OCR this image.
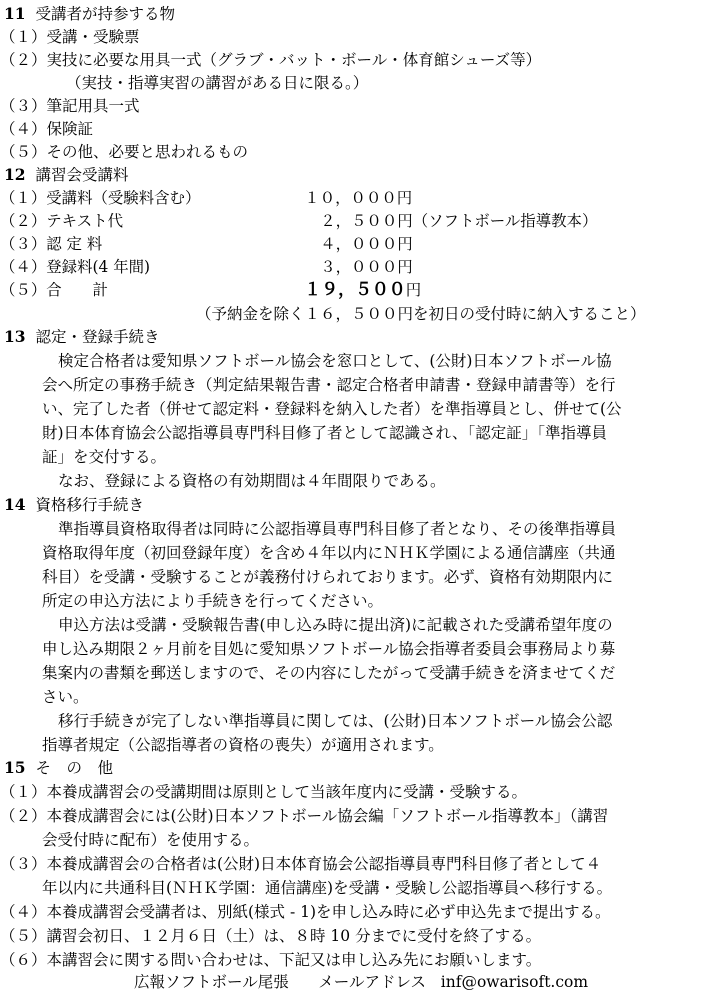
11 受講者が持参する物
（１）受講・受験票
（２）実技に必要な用具一式（グラブ・バット・ボール・体育館シューズ等）
（実技・指導実習の講習がある日に限る。）
（３）筆記用具一式
（４）保険証
（５）その他、必要と思われるもの
12 講習会受講料
（１）受講料（受験料含む）	１０，０００円
（２）テキスト代	２，５００円（ソフトボール指導教本）
（３）認 定 料	４，０００円
（４）登録料(4 年間)	３，０００円
（５）合　　計	１９，５００円
（予納金を除く１６，５００円を初日の受付時に納入すること）
13 認定・登録手続き
検定合格者は愛知県ソフトボール協会を窓口として、(公財)日本ソフトボール協
会へ所定の事務手続き（判定結果報告書・認定合格者申請書・登録申請書等）を行
い、完了した者（併せて認定料・登録料を納入した者）を準指導員とし、併せて(公
財)日本体育協会公認指導員専門科目修了者として認識され、「認定証」「準指導員
証」を交付する。
なお、登録による資格の有効期間は４年間限りである。
14 資格移行手続き
準指導員資格取得者は同時に公認指導員専門科目修了者となり、その後準指導員
資格取得年度（初回登録年度）を含め４年以内にＮＨＫ学園による通信講座（共通
科目）を受講・受験することが義務付けられております。必ず、資格有効期限内に
所定の申込方法により手続きを行ってください。
申込方法は受講・受験報告書(申し込み時に提出済)に記載された受講希望年度の
申し込み期限２ヶ月前を目処に愛知県ソフトボール協会指導者委員会事務局より募
集案内の書類を郵送しますので、その内容にしたがって受講手続きを済ませてくだ
さい。
移行手続きが完了しない準指導員に関しては、(公財)日本ソフトボール協会公認
指導者規定（公認指導者の資格の喪失）が適用されます。
15 そ　の　他
（１）本養成講習会の受講期間は原則として当該年度内に受講・受験する。
（２）本養成講習会には(公財)日本ソフトボール協会編「ソフトボール指導教本」（講習
会受付時に配布）を使用する。
（３）本養成講習会の合格者は(公財)日本体育協会公認指導員専門科目修了者として４
年以内に共通科目(ＮＨＫ学園：通信講座)を受講・受験し公認指導員へ移行する。
（４）本養成講習会受講者は、別紙(様式 - 1)を申し込み時に必ず申込先まで提出する。
（５）講習会初日、１２月６日（土）は、８時 10 分までに受付を終了する。
（６）本講習会に関する問い合わせは、下記又は申し込み先にお願いします。
広報ソフトボール尾張 メールアドレス inf@owarisoft.com
